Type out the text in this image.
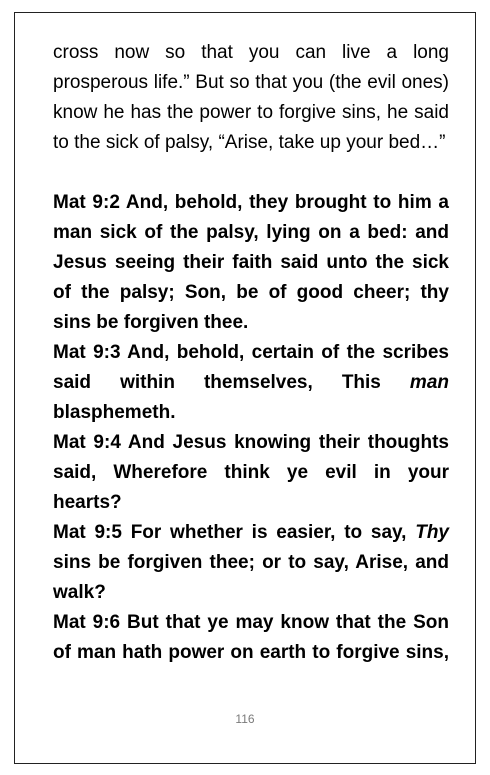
cross now so that you can live a long prosperous life.” But so that you (the evil ones) know he has the power to forgive sins, he said to the sick of palsy, “Arise, take up your bed…”

Mat 9:2 And, behold, they brought to him a man sick of the palsy, lying on a bed: and Jesus seeing their faith said unto the sick of the palsy; Son, be of good cheer; thy sins be forgiven thee.

Mat 9:3 And, behold, certain of the scribes said within themselves, This man blasphemeth.

Mat 9:4 And Jesus knowing their thoughts said, Wherefore think ye evil in your hearts?

Mat 9:5 For whether is easier, to say, Thy sins be forgiven thee; or to say, Arise, and walk?

Mat 9:6 But that ye may know that the Son of man hath power on earth to forgive sins,

116
